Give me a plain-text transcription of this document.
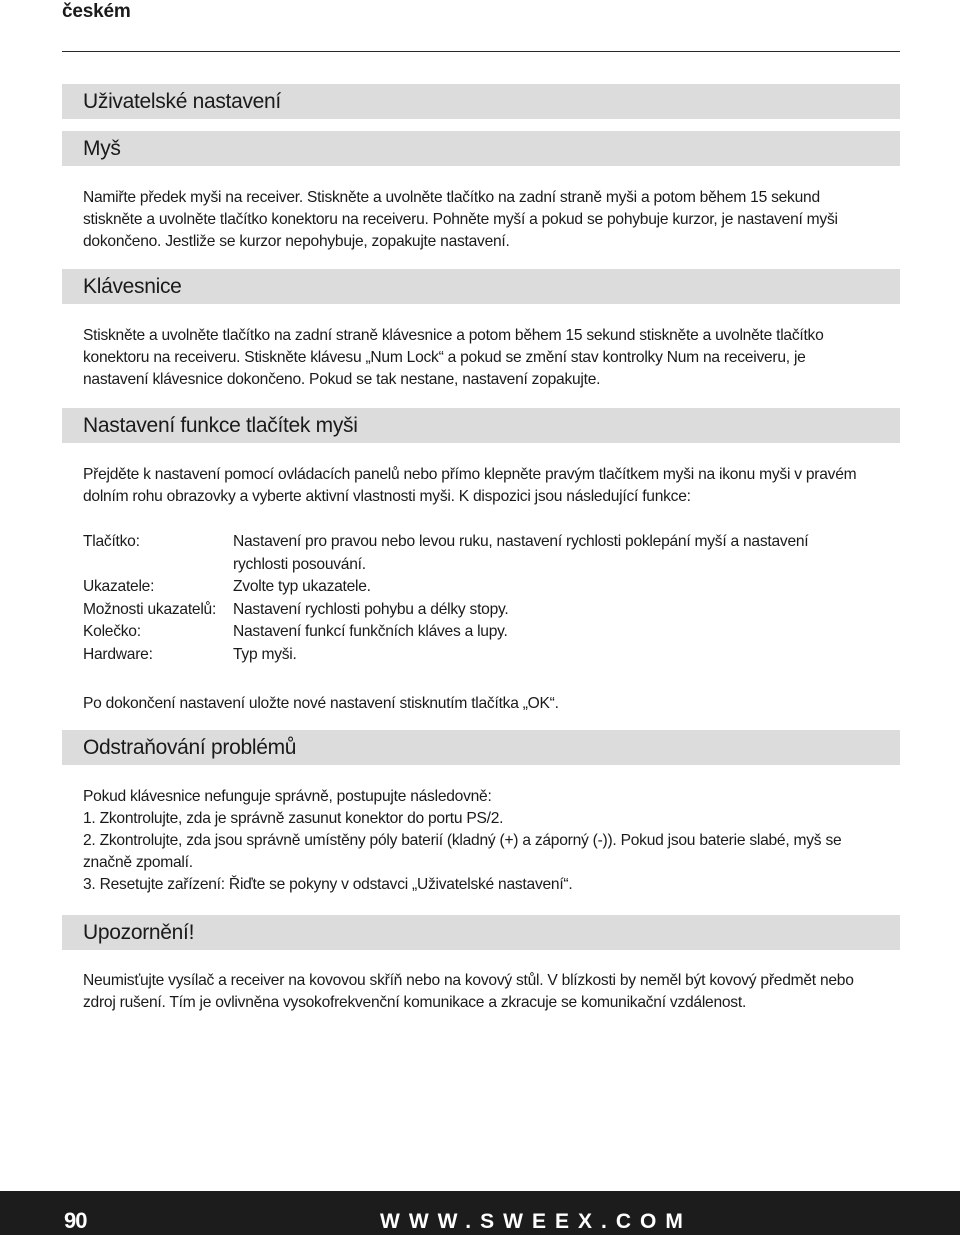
českém
Uživatelské nastavení
Myš

Namiřte předek myši na receiver. Stiskněte a uvolněte tlačítko na zadní straně myši a potom během 15 sekund
stiskněte a uvolněte tlačítko konektoru na receiveru. Pohněte myší a pokud se pohybuje kurzor, je nastavení myši
dokončeno. Jestliže se kurzor nepohybuje, zopakujte nastavení.

Klávesnice

Stiskněte a uvolněte tlačítko na zadní straně klávesnice a potom během 15 sekund stiskněte a uvolněte tlačítko
konektoru na receiveru. Stiskněte klávesu „Num Lock“ a pokud se změní stav kontrolky Num na receiveru, je
nastavení klávesnice dokončeno. Pokud se tak nestane, nastavení zopakujte.

Nastavení funkce tlačítek myši

Přejděte k nastavení pomocí ovládacích panelů nebo přímo klepněte pravým tlačítkem myši na ikonu myši v pravém
dolním rohu obrazovky a vyberte aktivní vlastnosti myši. K dispozici jsou následující funkce:

Tlačítko:	Nastavení pro pravou nebo levou ruku, nastavení rychlosti poklepání myší a nastavení
rychlosti posouvání.
Ukazatele:	Zvolte typ ukazatele.
Možnosti ukazatelů:	Nastavení rychlosti pohybu a délky stopy.
Kolečko:	Nastavení funkcí funkčních kláves a lupy.
Hardware:	Typ myši.

Po dokončení nastavení uložte nové nastavení stisknutím tlačítka „OK“.

Odstraňování problémů

Pokud klávesnice nefunguje správně, postupujte následovně:
1. Zkontrolujte, zda je správně zasunut konektor do portu PS/2.
2. Zkontrolujte, zda jsou správně umístěny póly baterií (kladný (+) a záporný (-)). Pokud jsou baterie slabé, myš se
značně zpomalí.
3. Resetujte zařízení: Řiďte se pokyny v odstavci „Uživatelské nastavení“.

Upozornění!

Neumisťujte vysílač a receiver na kovovou skříň nebo na kovový stůl. V blízkosti by neměl být kovový předmět nebo
zdroj rušení. Tím je ovlivněna vysokofrekvenční komunikace a zkracuje se komunikační vzdálenost.

90	WWW.SWEEX.COM
